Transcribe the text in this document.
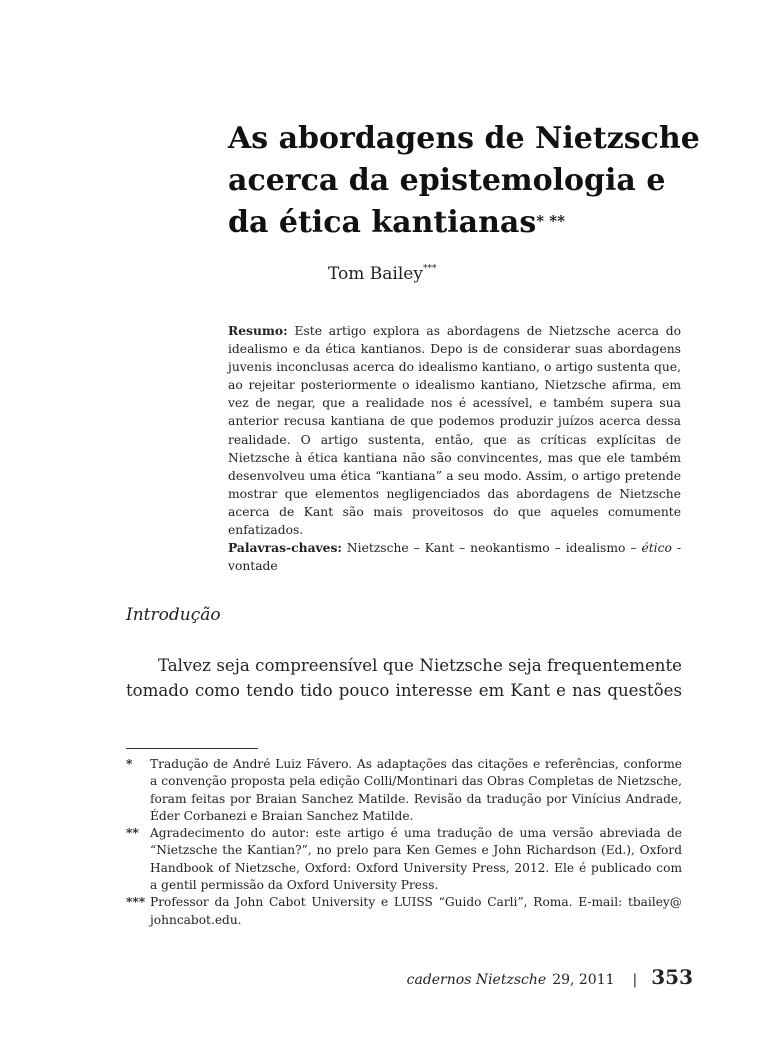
As abordagens de Nietzsche
acerca da epistemologia e
da ética kantianas* **
Tom Bailey***

Resumo: Este artigo explora as abordagens de Nietzsche acerca do idealismo e da ética kantianos. Depo is de considerar suas abordagens juvenis inconclusas acerca do idealismo kantiano, o artigo sustenta que, ao rejeitar posteriormente o idealismo kantiano, Nietzsche afirma, em vez de negar, que a realidade nos é acessível, e também supera sua anterior recusa kantiana de que podemos produzir juízos acerca dessa realidade. O artigo sustenta, então, que as críticas explícitas de Nietzsche à ética kantiana não são convincentes, mas que ele também desenvolveu uma ética “kantiana” a seu modo. Assim, o artigo pretende mostrar que elementos negligenciados das abordagens de Nietzsche acerca de Kant são mais proveitosos do que aqueles comumente enfatizados.

Palavras-chaves: Nietzsche – Kant – neokantismo – idealismo – ético - vontade

Introdução
Talvez seja compreensível que Nietzsche seja frequentemente
tomado como tendo tido pouco interesse em Kant e nas questões
*	Tradução de André Luiz Fávero. As adaptações das citações e referências, conforme a convenção proposta pela edição Colli/Montinari das Obras Completas de Nietzsche, foram feitas por Braian Sanchez Matilde. Revisão da tradução por Vinícius Andrade, Éder Corbanezi e Braian Sanchez Matilde.
** Agradecimento do autor: este artigo é uma tradução de uma versão abreviada de “Nietzsche the Kantian?”, no prelo para Ken Gemes e John Richardson (Ed.), Oxford Handbook of Nietzsche, Oxford: Oxford University Press, 2012. Ele é publicado com a gentil permissão da Oxford University Press.
*** Professor da John Cabot University e LUISS “Guido Carli”, Roma. E-mail: tbailey@ johncabot.edu.
cadernos Nietzsche 29, 2011 | 353
